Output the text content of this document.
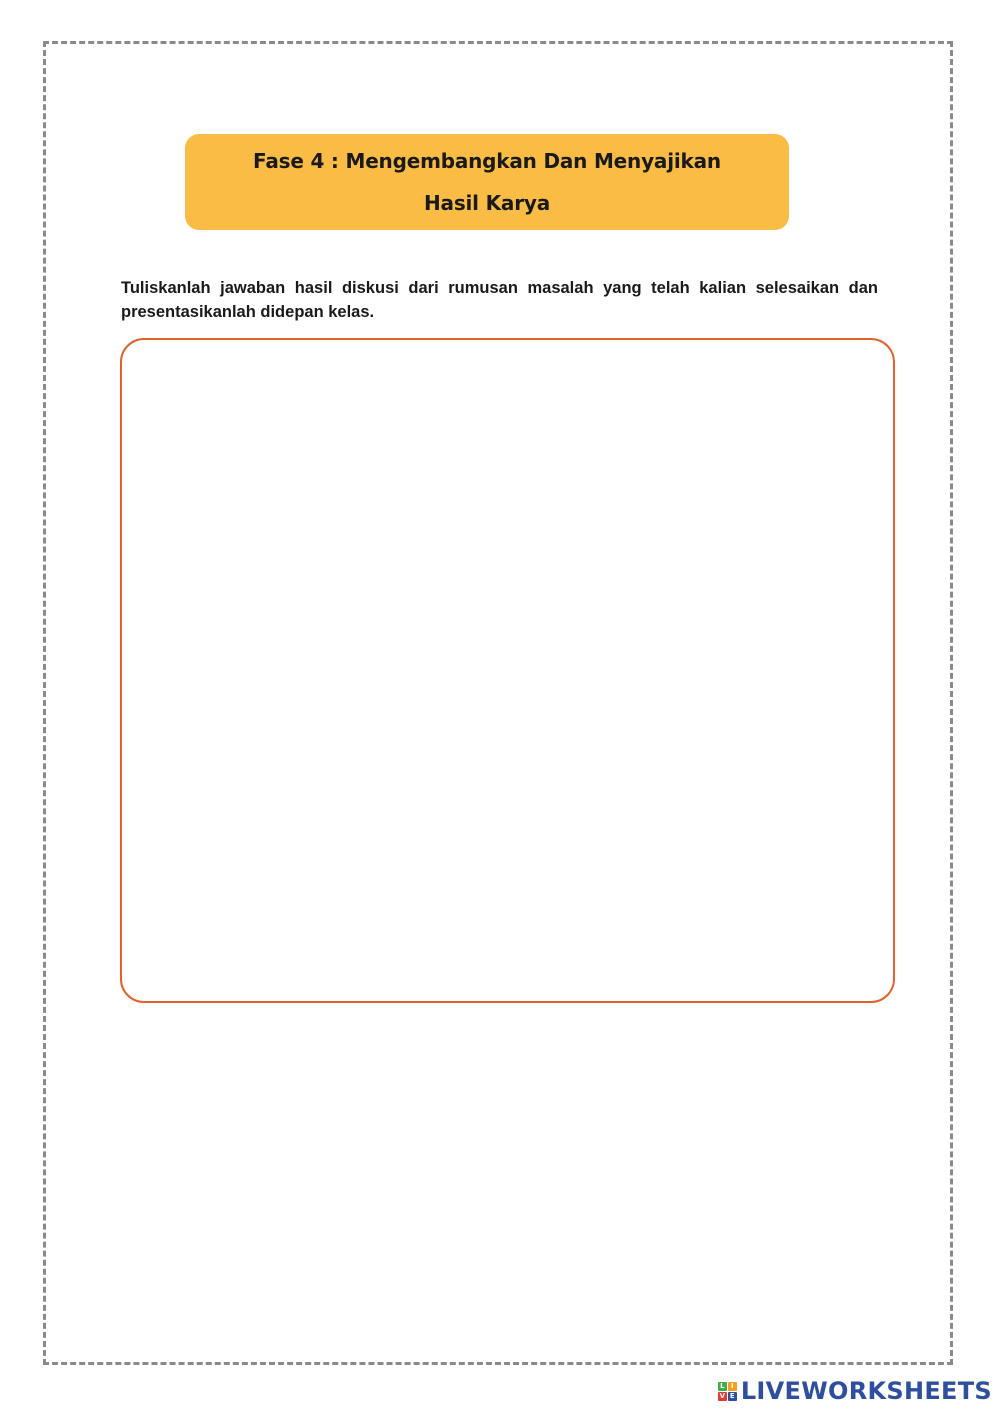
Fase 4 : Mengembangkan Dan Menyajikan
Hasil Karya
Tuliskanlah jawaban hasil diskusi dari rumusan masalah yang telah kalian selesaikan dan presentasikanlah didepan kelas.
L I
V E LIVEWORKSHEETS
